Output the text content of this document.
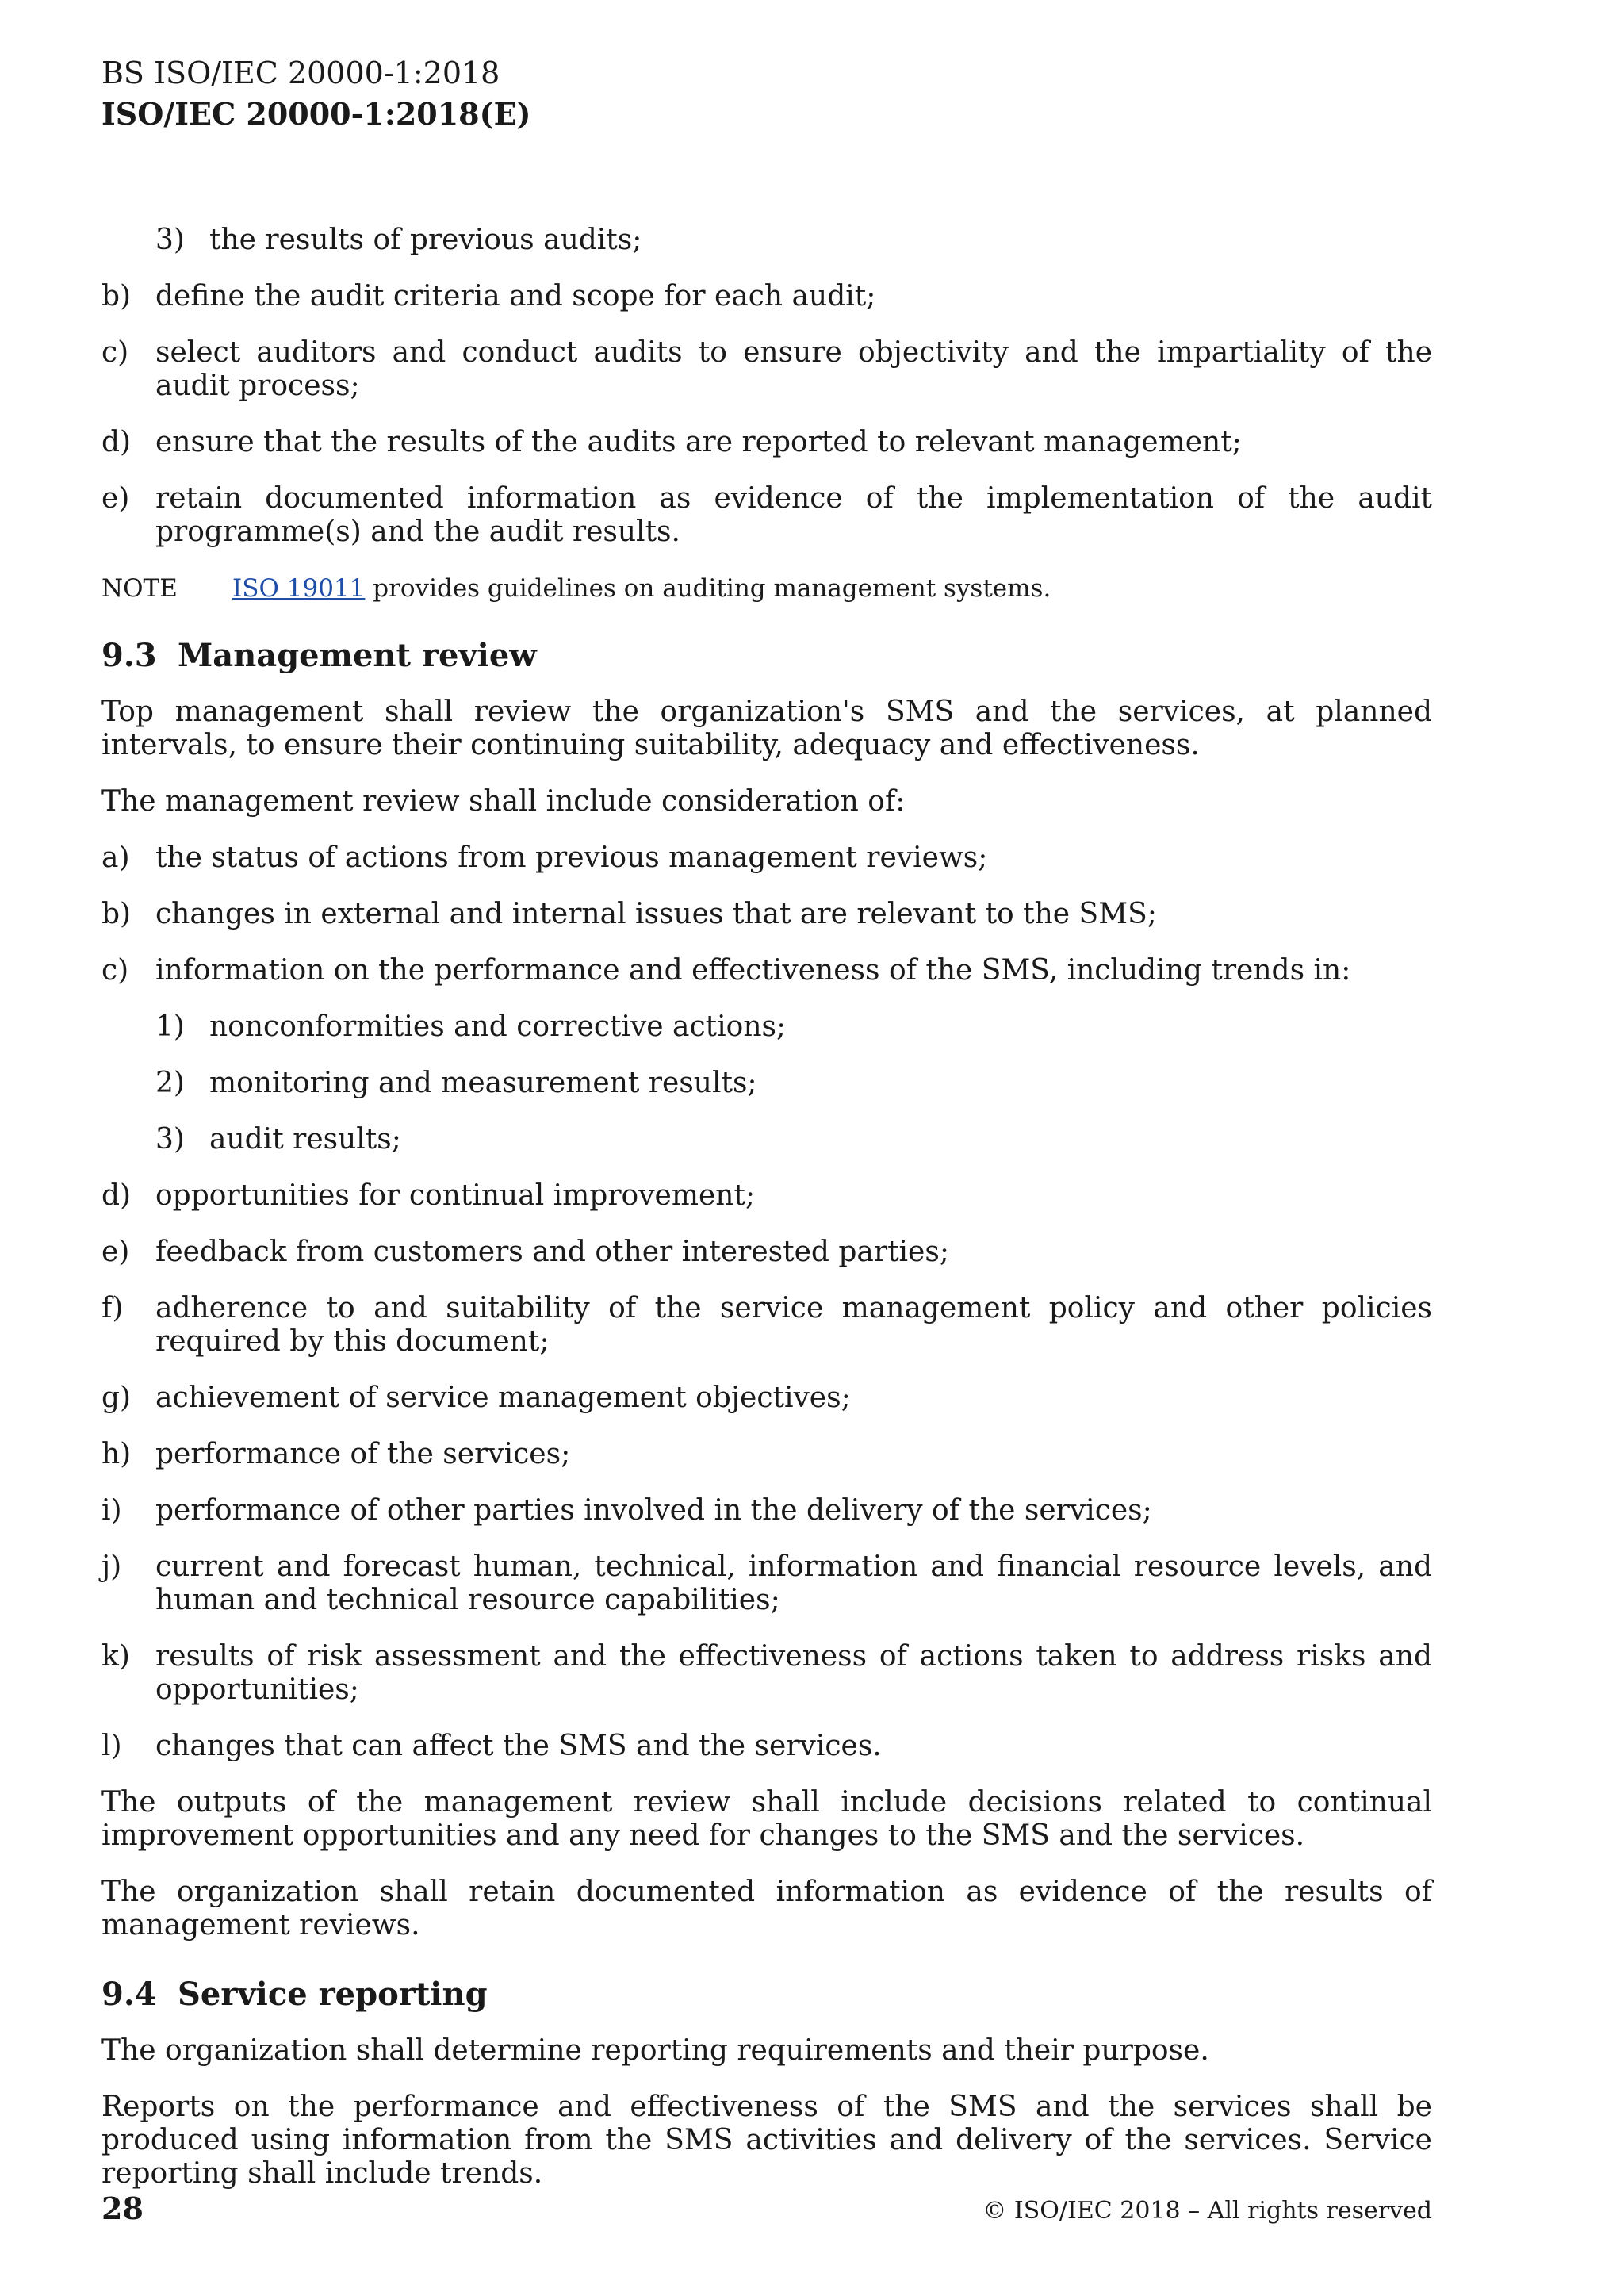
BS ISO/IEC 20000-1:2018
ISO/IEC 20000-1:2018(E)
3) the results of previous audits;
b) define the audit criteria and scope for each audit;
c) select auditors and conduct audits to ensure objectivity and the impartiality of the audit process;
d) ensure that the results of the audits are reported to relevant management;
e) retain documented information as evidence of the implementation of the audit programme(s) and the audit results.
NOTE	ISO 19011 provides guidelines on auditing management systems.
9.3 Management review

Top management shall review the organization's SMS and the services, at planned intervals, to ensure their continuing suitability, adequacy and effectiveness.

The management review shall include consideration of:

a) the status of actions from previous management reviews;
b) changes in external and internal issues that are relevant to the SMS;
c) information on the performance and effectiveness of the SMS, including trends in:
1) nonconformities and corrective actions;
2) monitoring and measurement results;
3) audit results;
d) opportunities for continual improvement;
e) feedback from customers and other interested parties;
f)	adherence to and suitability of the service management policy and other policies required by this document;
g) achievement of service management objectives;
h) performance of the services;
i)	performance of other parties involved in the delivery of the services;
j)	current and forecast human, technical, information and financial resource levels, and human and technical resource capabilities;
k) results of risk assessment and the effectiveness of actions taken to address risks and opportunities;
l)	changes that can affect the SMS and the services.

The outputs of the management review shall include decisions related to continual improvement opportunities and any need for changes to the SMS and the services.

The organization shall retain documented information as evidence of the results of management reviews.

9.4 Service reporting

The organization shall determine reporting requirements and their purpose.

Reports on the performance and effectiveness of the SMS and the services shall be produced using information from the SMS activities and delivery of the services. Service reporting shall include trends.

28	© ISO/IEC 2018 – All rights reserved
